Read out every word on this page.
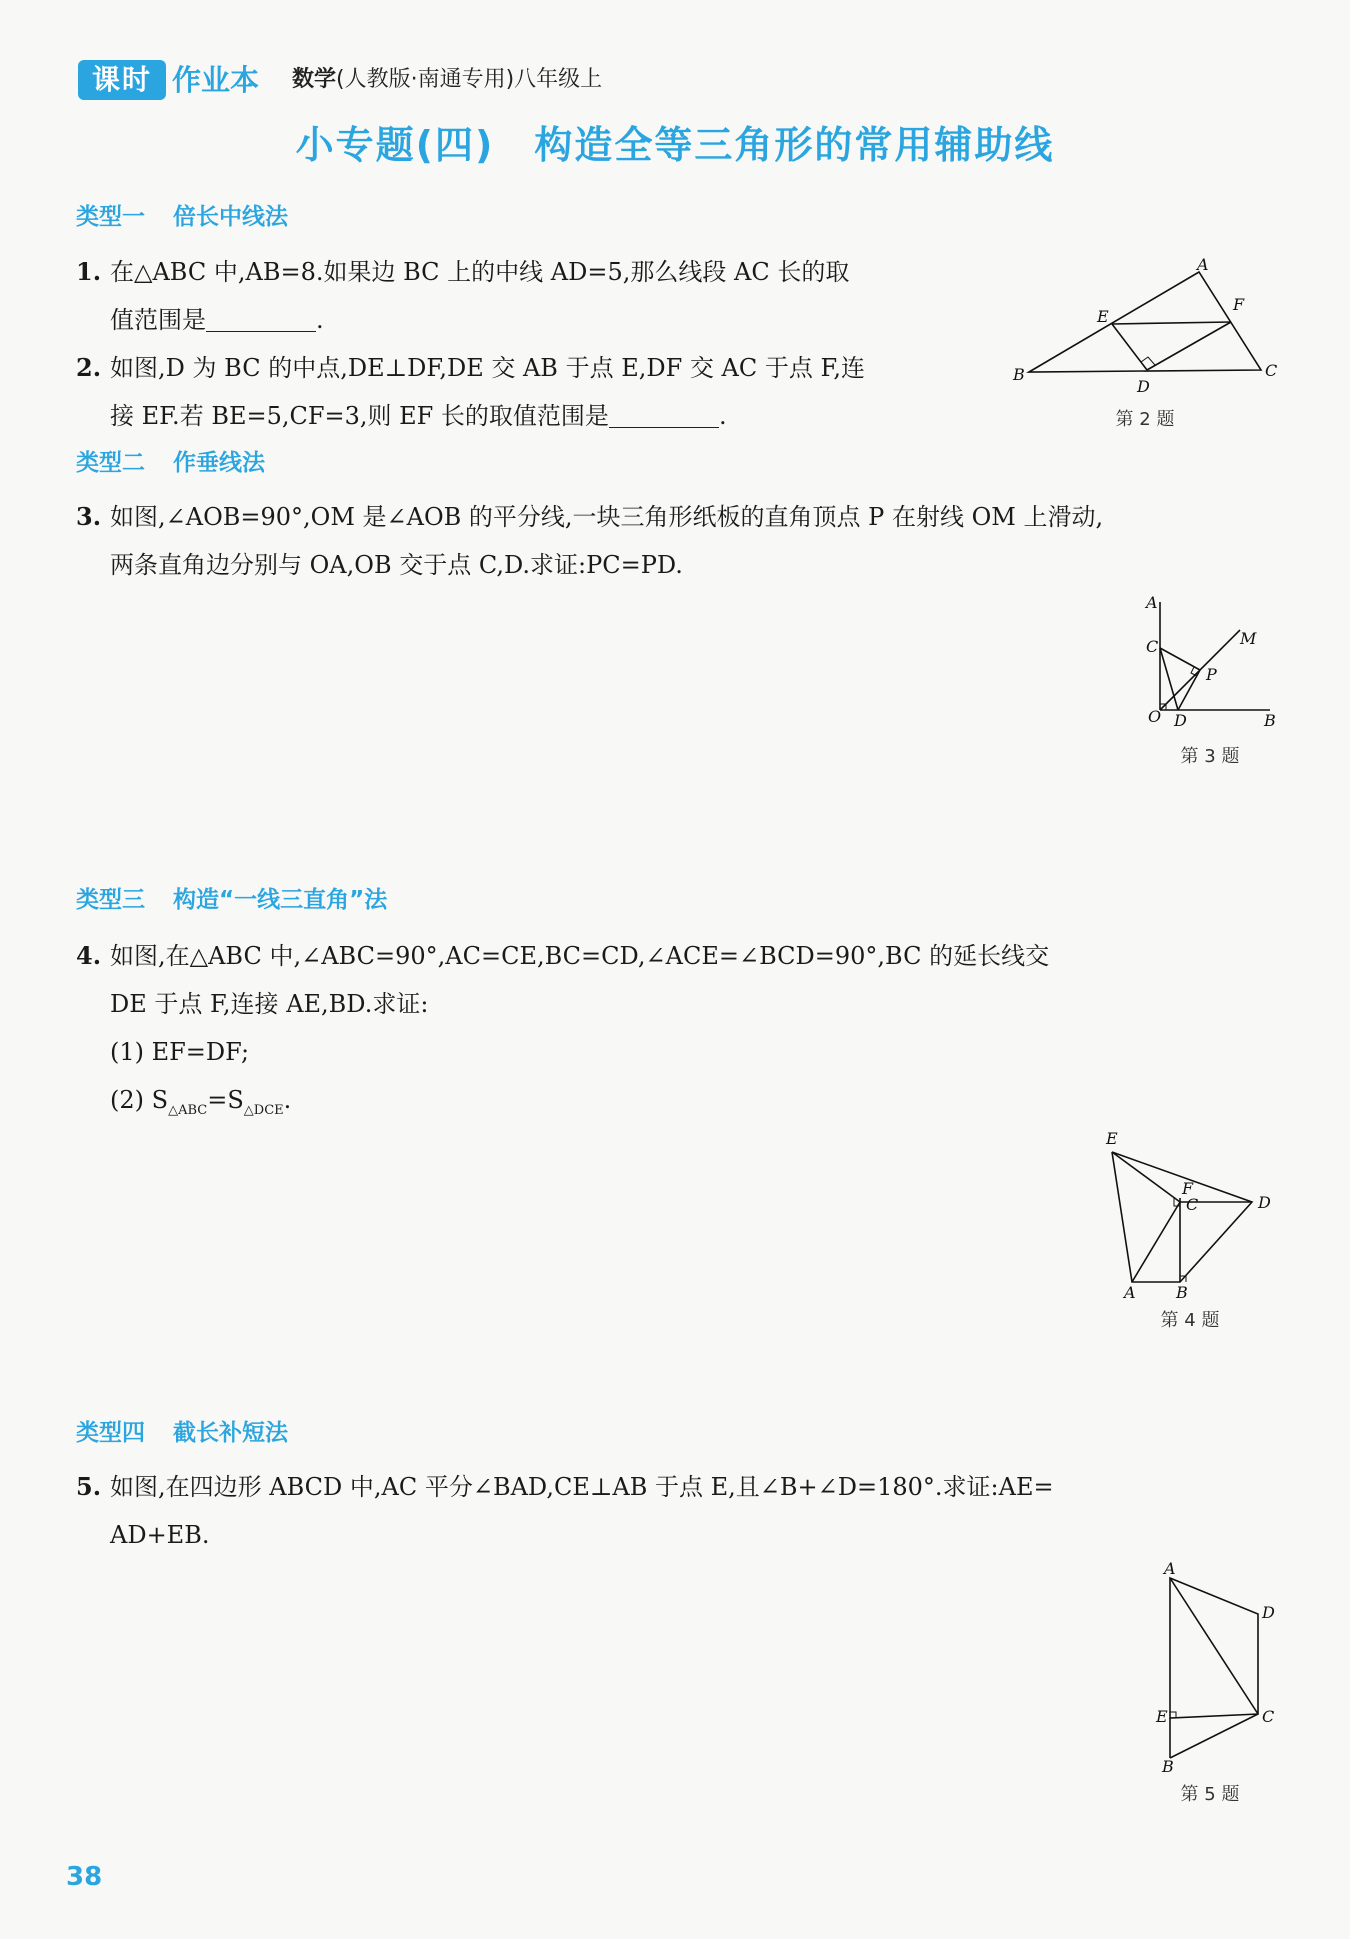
课时 作业本 数学(人教版·南通专用)八年级上
小专题(四) 构造全等三角形的常用辅助线
类型一 倍长中线法
1. 在△ABC 中,AB=8.如果边 BC 上的中线 AD=5,那么线段 AC 长的取
值范围是	.
2. 如图,D 为 BC 的中点,DE⊥DF,DE 交 AB 于点 E,DF 交 AC 于点 F,连
接 EF.若 BE=5,CF=3,则 EF 长的取值范围是	.
A
B	C
D
E
F
第 2 题
类型二 作垂线法
3. 如图,∠AOB=90°,OM 是∠AOB 的平分线,一块三角形纸板的直角顶点 P 在射线 OM 上滑动,
两条直角边分别与 OA,OB 交于点 C,D.求证:PC=PD.
A
C
O D	B
P
M
第 3 题
类型三 构造“一线三直角”法
4. 如图,在△ABC 中,∠ABC=90°,AC=CE,BC=CD,∠ACE=∠BCD=90°,BC 的延长线交
DE 于点 F,连接 AE,BD.求证:
(1) EF=DF;
(2) $S_{\triangle ABC}=S_{\triangle DCE}$.
E
F
C	D
A	B
第 4 题
类型四 截长补短法
5. 如图,在四边形 ABCD 中,AC 平分∠BAD,CE⊥AB 于点 E,且∠B+∠D=180°.求证:AE=
AD+EB.
A
D
E	C
B
第 5 题
38
